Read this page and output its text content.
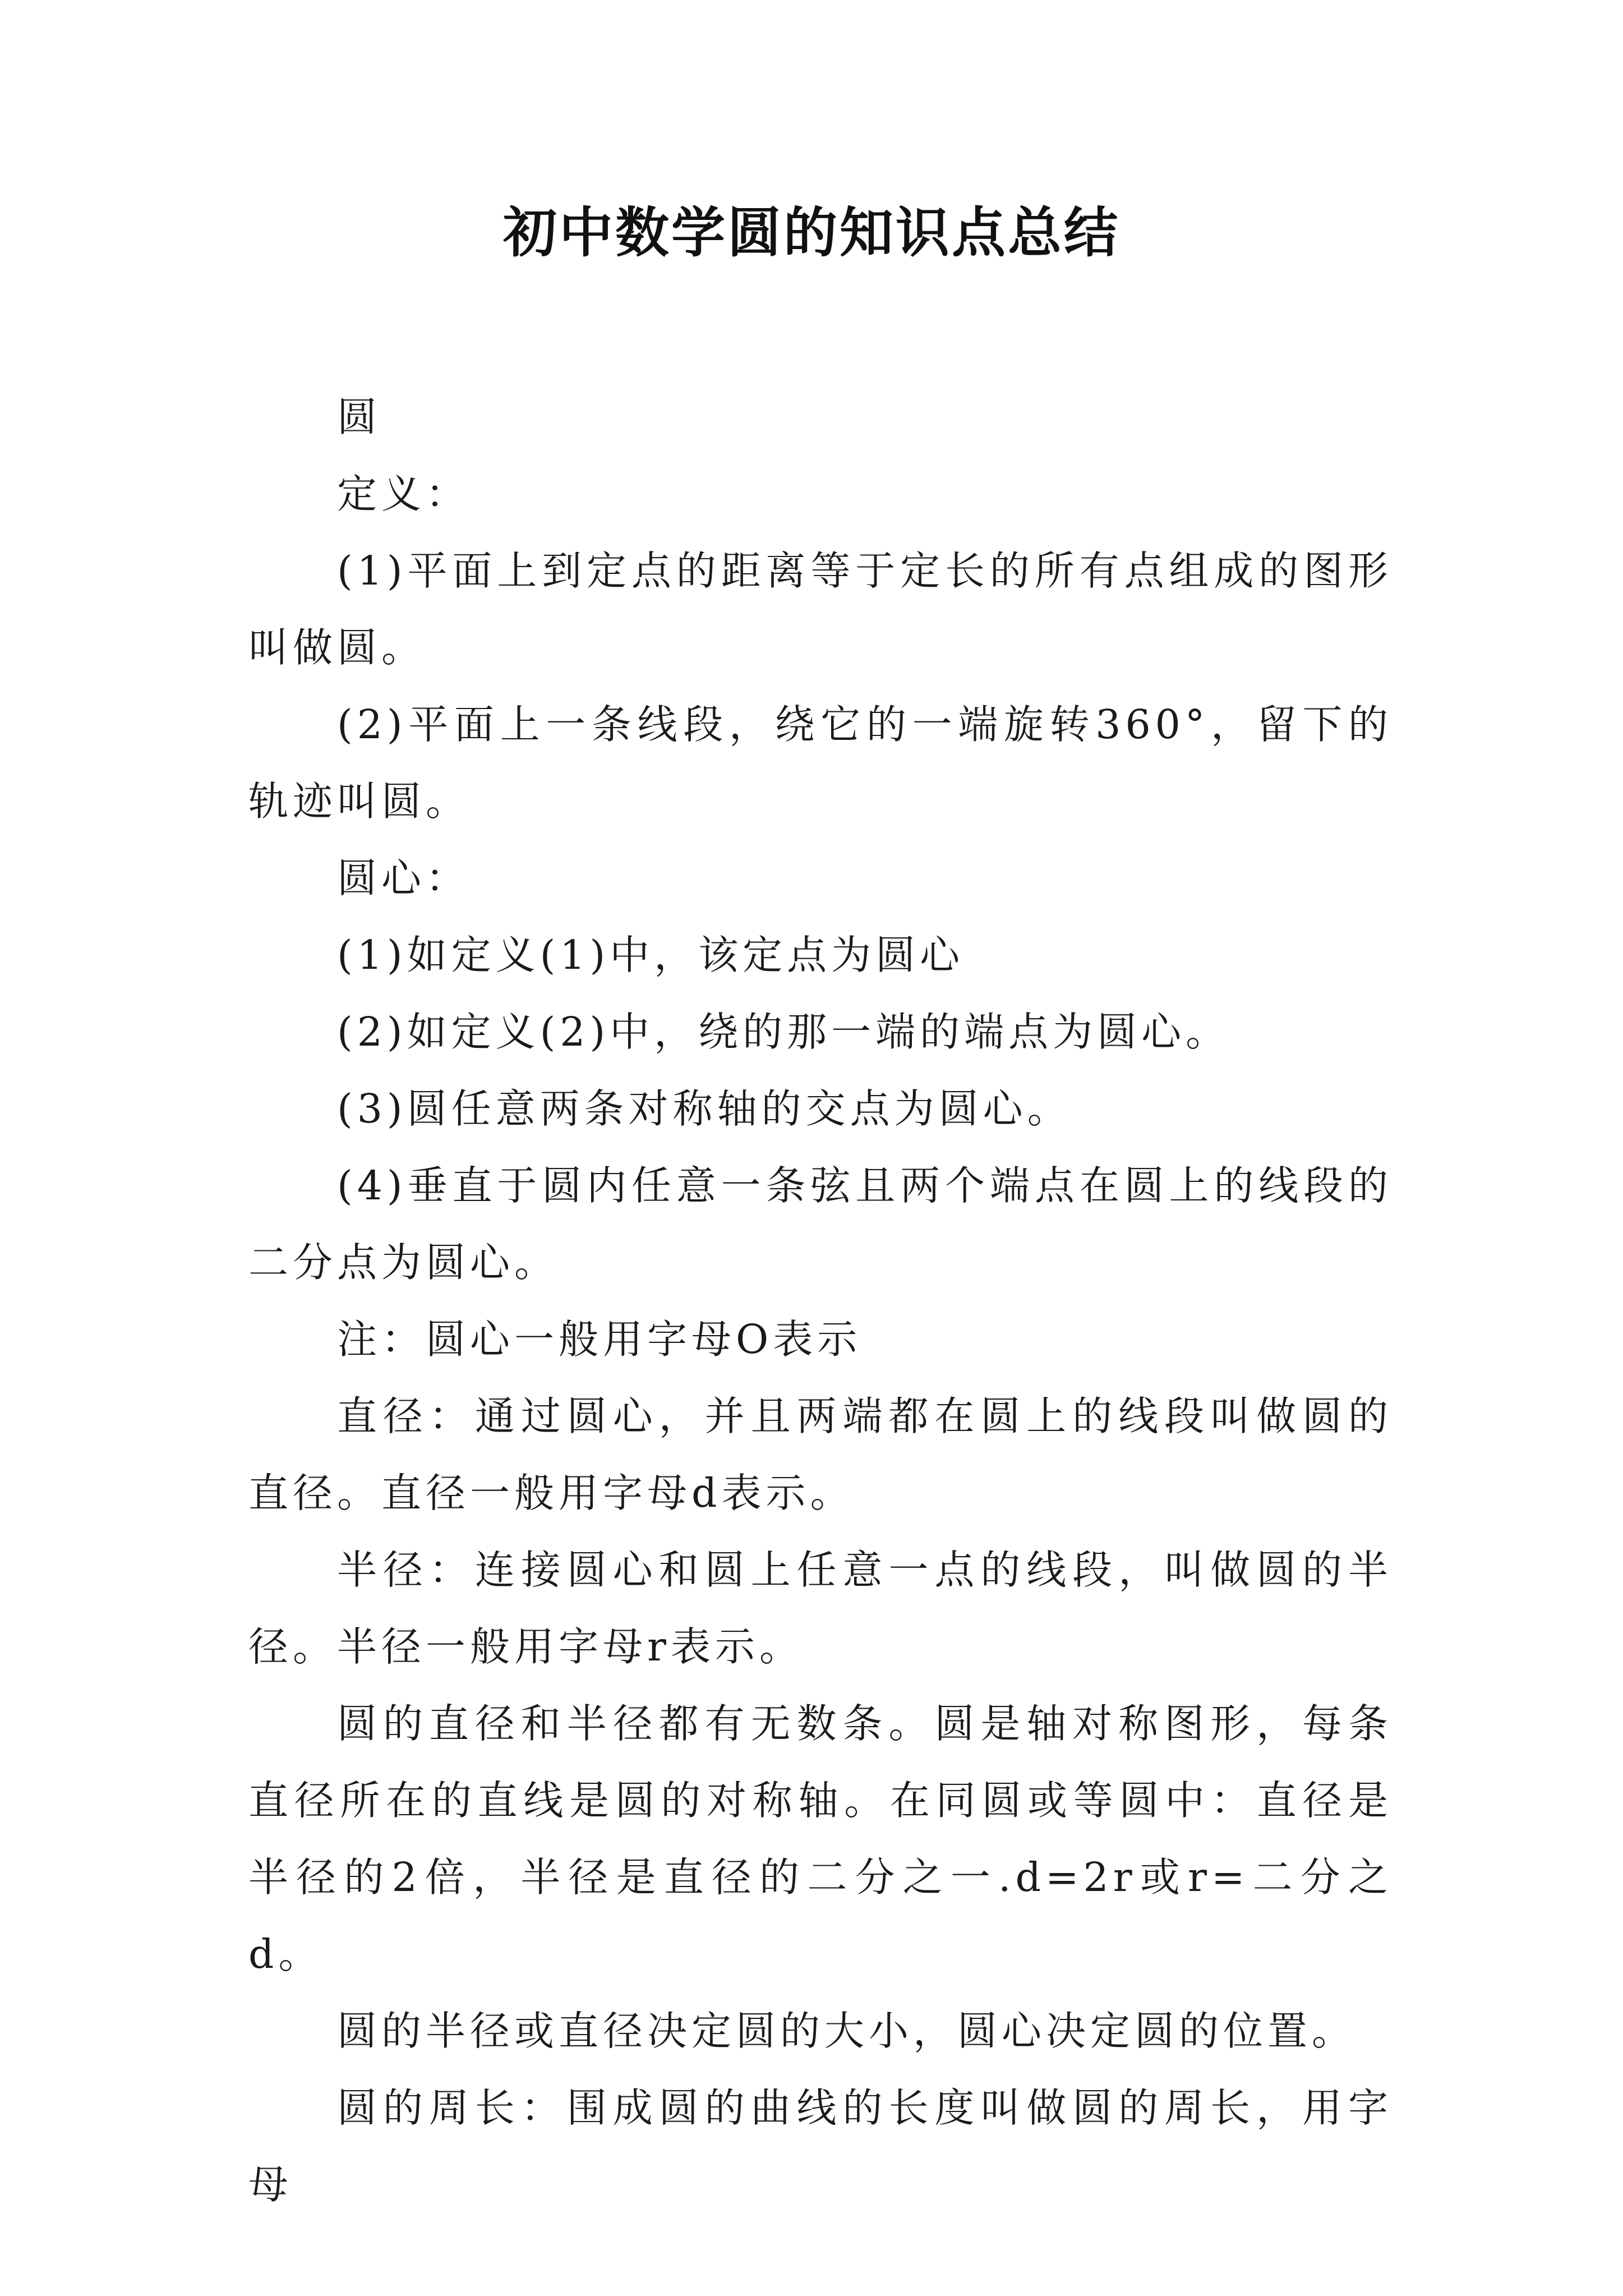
初中数学圆的知识点总结

圆

定义：

(1)平面上到定点的距离等于定长的所有点组成的图形叫做圆。

(2)平面上一条线段，绕它的一端旋转360°，留下的轨迹叫圆。

圆心：

(1)如定义(1)中，该定点为圆心

(2)如定义(2)中，绕的那一端的端点为圆心。

(3)圆任意两条对称轴的交点为圆心。

(4)垂直于圆内任意一条弦且两个端点在圆上的线段的二分点为圆心。

注：圆心一般用字母O表示

直径：通过圆心，并且两端都在圆上的线段叫做圆的直径。直径一般用字母d表示。

半径：连接圆心和圆上任意一点的线段，叫做圆的半径。半径一般用字母r表示。

圆的直径和半径都有无数条。圆是轴对称图形，每条直径所在的直线是圆的对称轴。在同圆或等圆中：直径是半径的2倍，半径是直径的二分之一.d=2r或r=二分之d。

圆的半径或直径决定圆的大小，圆心决定圆的位置。

圆的周长：围成圆的曲线的长度叫做圆的周长，用字母
